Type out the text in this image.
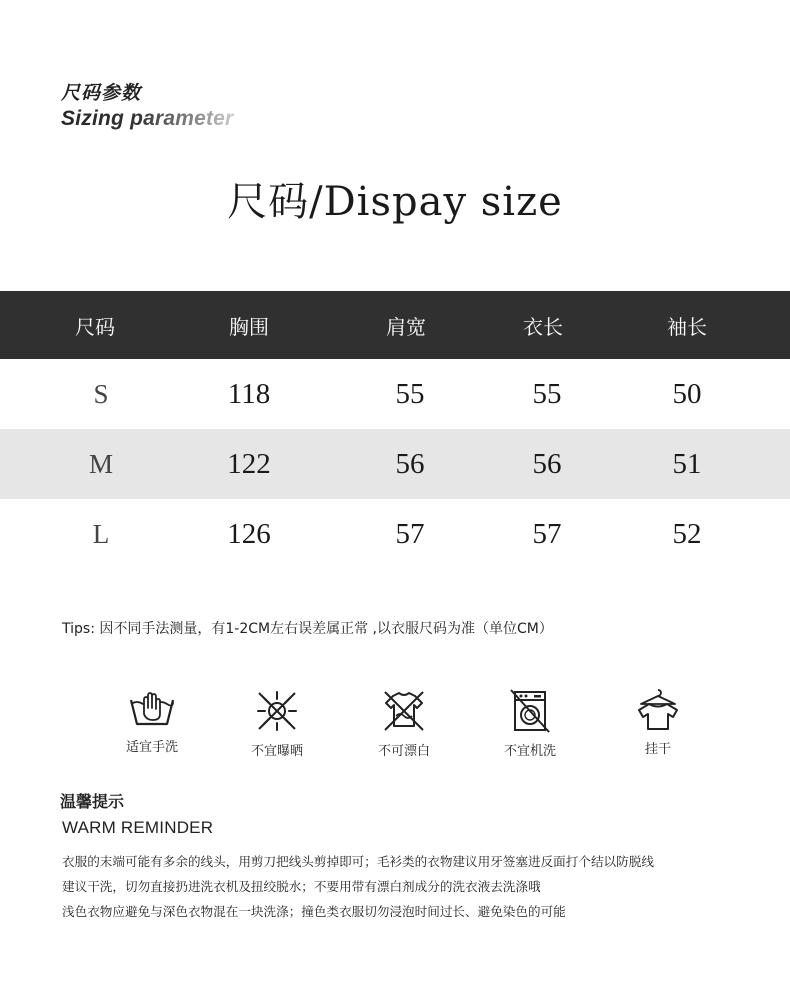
尺码参数
Sizing parameter
尺码/Dispay size
尺码	胸围	肩宽	衣长	袖长
S	118	55	55	50
M	122	56	56	51
L	126	57	57	52
Tips: 因不同手法测量，有1-2CM左右误差属正常 ,以衣服尺码为准（单位CM）
适宜手洗	不宜曝晒	不可漂白	不宜机洗	挂干
温馨提示
WARM REMINDER
衣服的末端可能有多余的线头，用剪刀把线头剪掉即可；毛衫类的衣物建议用牙签塞进反面打个结以防脱线
建议干洗，切勿直接扔进洗衣机及扭绞脱水；不要用带有漂白剂成分的洗衣液去洗涤哦
浅色衣物应避免与深色衣物混在一块洗涤；撞色类衣服切勿浸泡时间过长、避免染色的可能
